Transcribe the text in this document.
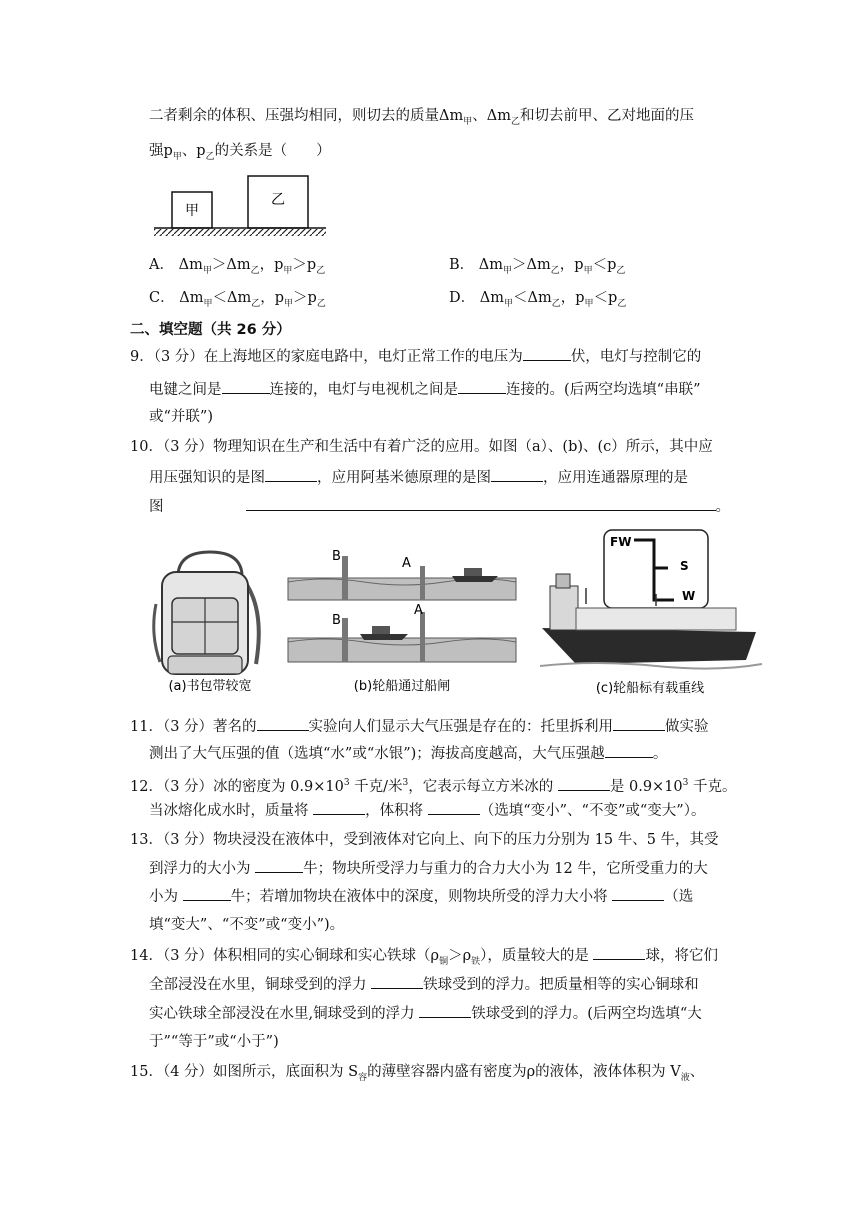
二者剩余的体积、压强均相同，则切去的质量$\Delta m_甲$、$\Delta m_乙$和切去前甲、乙对地面的压
强$p_甲$、$p_乙$的关系是（　　）
甲
乙
A． $\Delta m_甲>\Delta m_乙$，$p_甲>p_乙$	B． $\Delta m_甲>\Delta m_乙$，$p_甲<p_乙$
C． $\Delta m_甲<\Delta m_乙$，$p_甲>p_乙$	D． $\Delta m_甲<\Delta m_乙$，$p_甲<p_乙$
二、填空题（共 26 分）
9．（3 分）在上海地区的家庭电路中，电灯正常工作的电压为	伏，电灯与控制它的
电键之间是	连接的，电灯与电视机之间是	连接的。(后两空均选填“串联”
或“并联”)
10．（3 分）物理知识在生产和生活中有着广泛的应用。如图（a）、(b)、(c）所示，其中应
用压强知识的是图	，应用阿基米德原理的是图	，应用连通器原理的是
图	。
(a)书包带较宽
B	A
B
A
(b)轮船通过船闸
FW
S
W
(c)轮船标有载重线
11．（3 分）著名的	实验向人们显示大气压强是存在的：托里拆利用	做实验
测出了大气压强的值（选填“水”或“水银”)；海拔高度越高，大气压强越	。
12．（3 分）冰的密度为 $0.9\times 10^3$ 千克/米$^3$，它表示每立方米冰的	是 $0.9\times 10^3$ 千克。
当冰熔化成水时，质量将	，体积将	（选填“变小”、“不变”或“变大”）。
13．（3 分）物块浸没在液体中，受到液体对它向上、向下的压力分别为 15 牛、5 牛，其受
到浮力的大小为	牛；物块所受浮力与重力的合力大小为 12 牛，它所受重力的大
小为	牛；若增加物块在液体中的深度，则物块所受的浮力大小将	（选
填“变大”、“不变”或“变小”)。
14．（3 分）体积相同的实心铜球和实心铁球$(\rho_铜>\rho_铁)$，质量较大的是	球，将它们
全部浸没在水里，铜球受到的浮力	铁球受到的浮力。把质量相等的实心铜球和
实心铁球全部浸没在水里,铜球受到的浮力	铁球受到的浮力。(后两空均选填“大
于”“等于”或“小于”)
15．（4 分）如图所示，底面积为 $S_容$的薄壁容器内盛有密度为ρ的液体，液体体积为 $V_液$、
